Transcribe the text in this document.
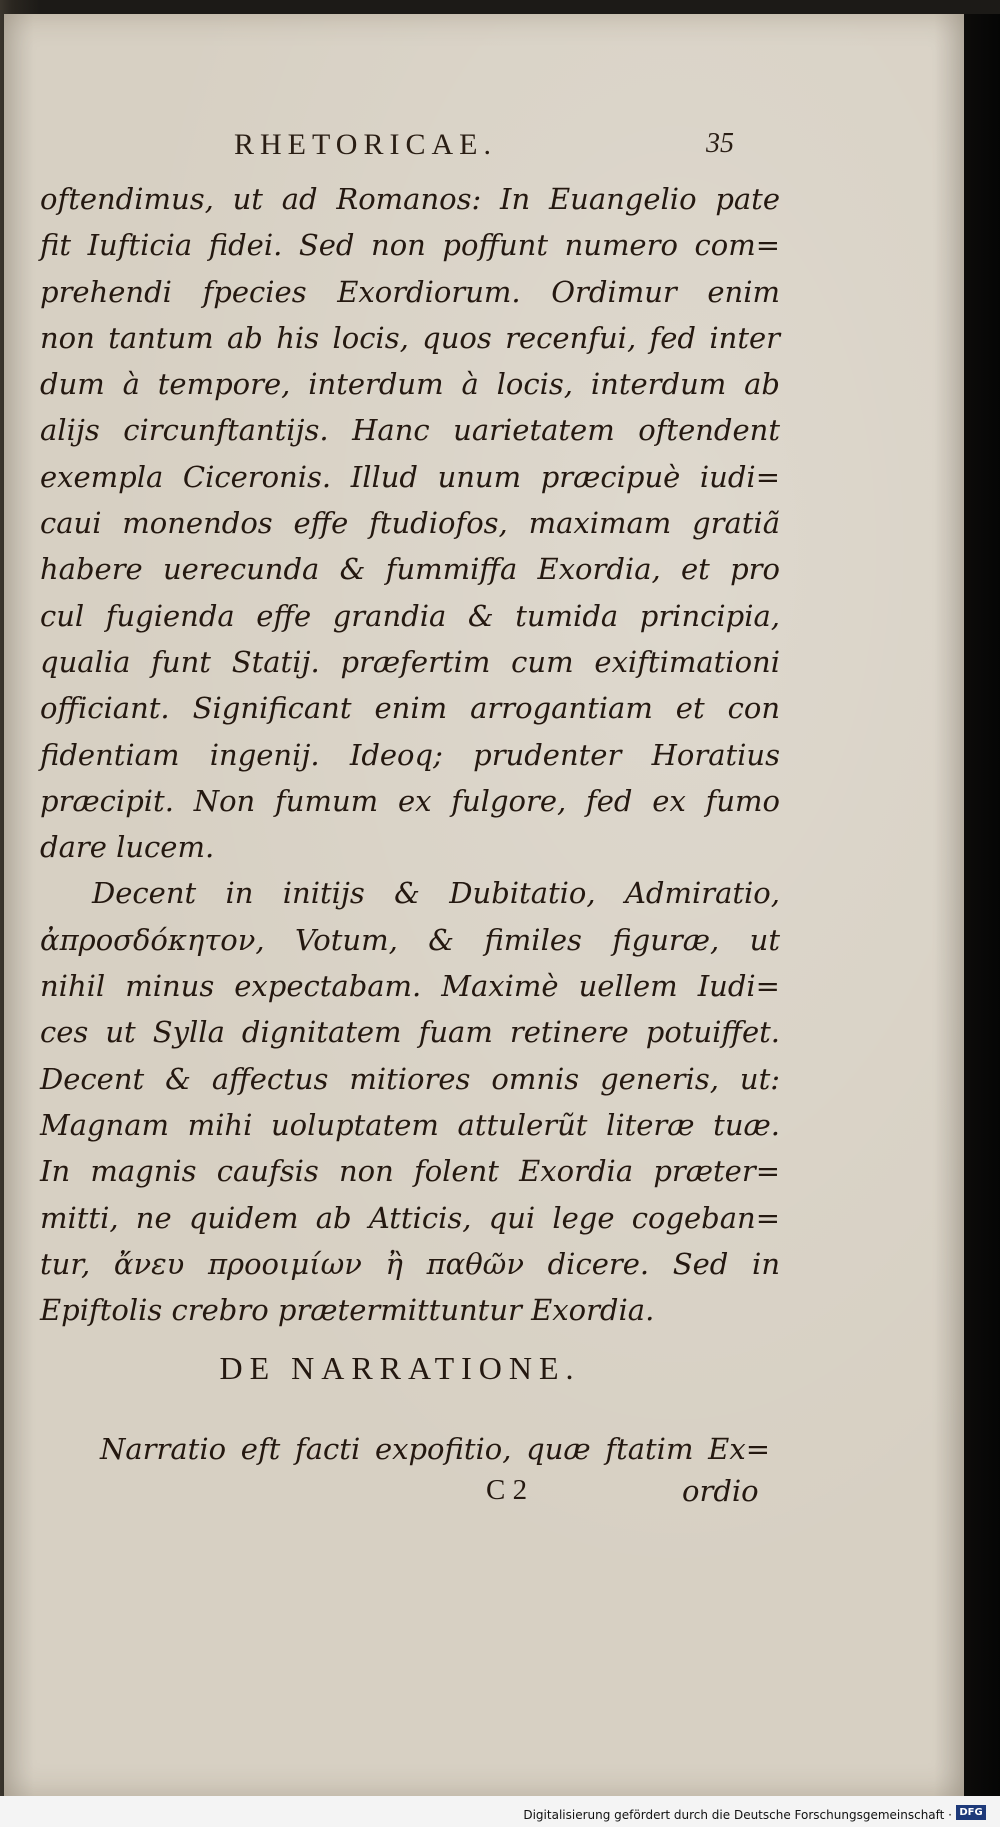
RHETORICAE.	35
oftendimus, ut ad Romanos: In Euangelio pate
fit Iufticia fidei. Sed non poffunt numero com=
prehendi fpecies Exordiorum. Ordimur enim
non tantum ab his locis, quos recenfui, fed inter
dum à tempore, interdum à locis, interdum ab
alijs circunftantijs. Hanc uarietatem oftendent
exempla Ciceronis. Illud unum præcipuè iudi=
caui monendos effe ftudiofos, maximam gratiã
habere uerecunda & fummiffa Exordia, et pro
cul fugienda effe grandia & tumida principia,
qualia funt Statij. præfertim cum exiftimationi
officiant. Significant enim arrogantiam et con
fidentiam ingenij. Ideoq; prudenter Horatius
præcipit. Non fumum ex fulgore, fed ex fumo
dare lucem.
Decent in initijs & Dubitatio, Admiratio,
ἀπροσδόκητον, Votum, & fimiles figuræ, ut
nihil minus expectabam. Maximè uellem Iudi=
ces ut Sylla dignitatem fuam retinere potuiffet.
Decent & affectus mitiores omnis generis, ut:
Magnam mihi uoluptatem attulerũt literæ tuæ.
In magnis caufsis non folent Exordia præter=
mitti, ne quidem ab Atticis, qui lege cogeban=
tur, ἄνευ προοιμίων ἢ παθῶν dicere. Sed in
Epiftolis crebro prætermittuntur Exordia.
DE NARRATIONE.
Narratio eft facti expofitio, quæ ftatim Ex=
C 2	ordio
Digitalisierung gefördert durch die Deutsche Forschungsgemeinschaft · DFG
